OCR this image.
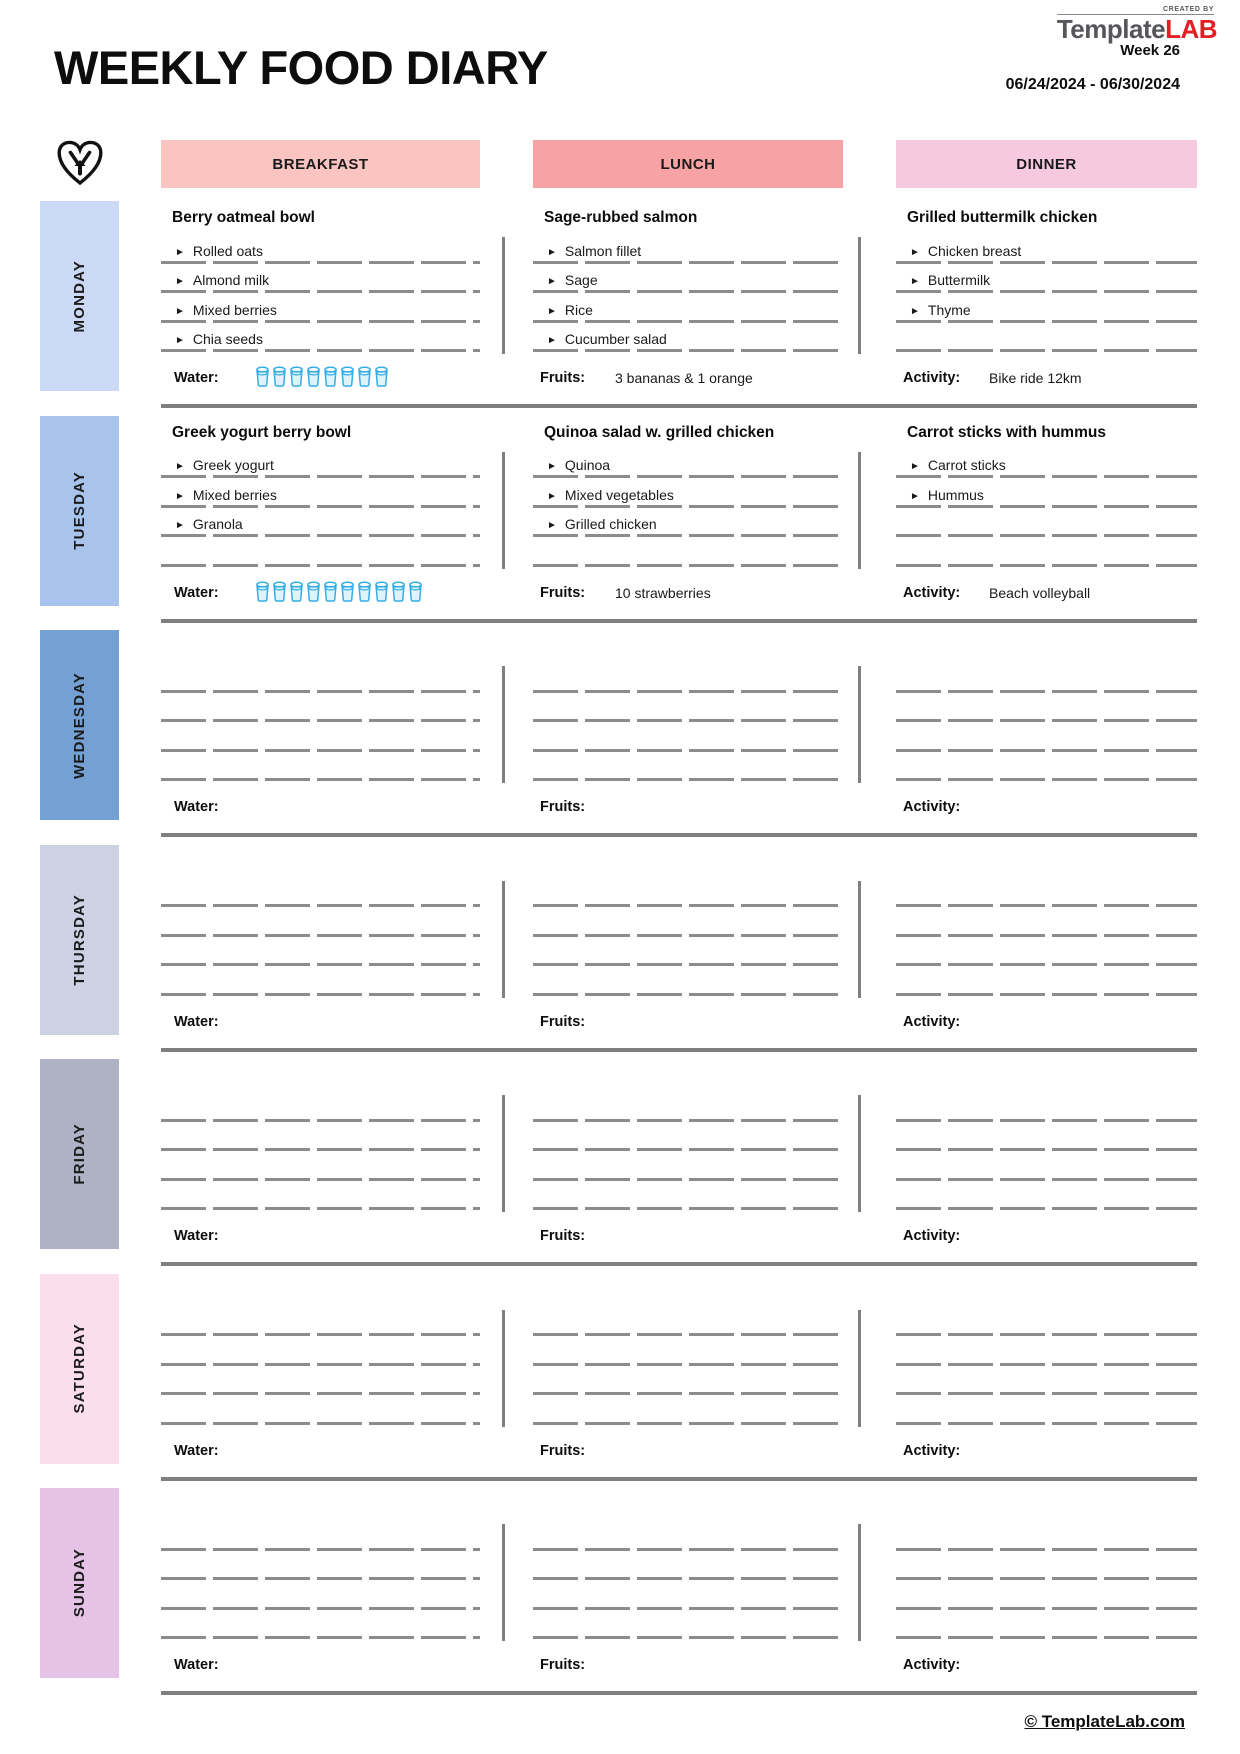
WEEKLY FOOD DIARY
CREATED BY
TemplateLAB
Week 26
06/24/2024 - 06/30/2024
BREAKFAST	LUNCH	DINNER
MONDAY
Berry oatmeal bowl
► Rolled oats
► Almond milk
► Mixed berries
► Chia seeds
Sage-rubbed salmon
► Salmon fillet
► Sage
► Rice
► Cucumber salad
Grilled buttermilk chicken
► Chicken breast
► Buttermilk
► Thyme
Water:	Fruits: 3 bananas & 1 orange	Activity: Bike ride 12km
TUESDAY
Greek yogurt berry bowl
► Greek yogurt
► Mixed berries
► Granola
Quinoa salad w. grilled chicken
► Quinoa
► Mixed vegetables
► Grilled chicken
Carrot sticks with hummus
► Carrot sticks
► Hummus
Water:	Fruits: 10 strawberries	Activity: Beach volleyball
WEDNESDAY
Water:	Fruits:	Activity:
THURSDAY
Water:	Fruits:	Activity:
FRIDAY
Water:	Fruits:	Activity:
SATURDAY
Water:	Fruits:	Activity:
SUNDAY
Water:	Fruits:	Activity:
© TemplateLab.com
